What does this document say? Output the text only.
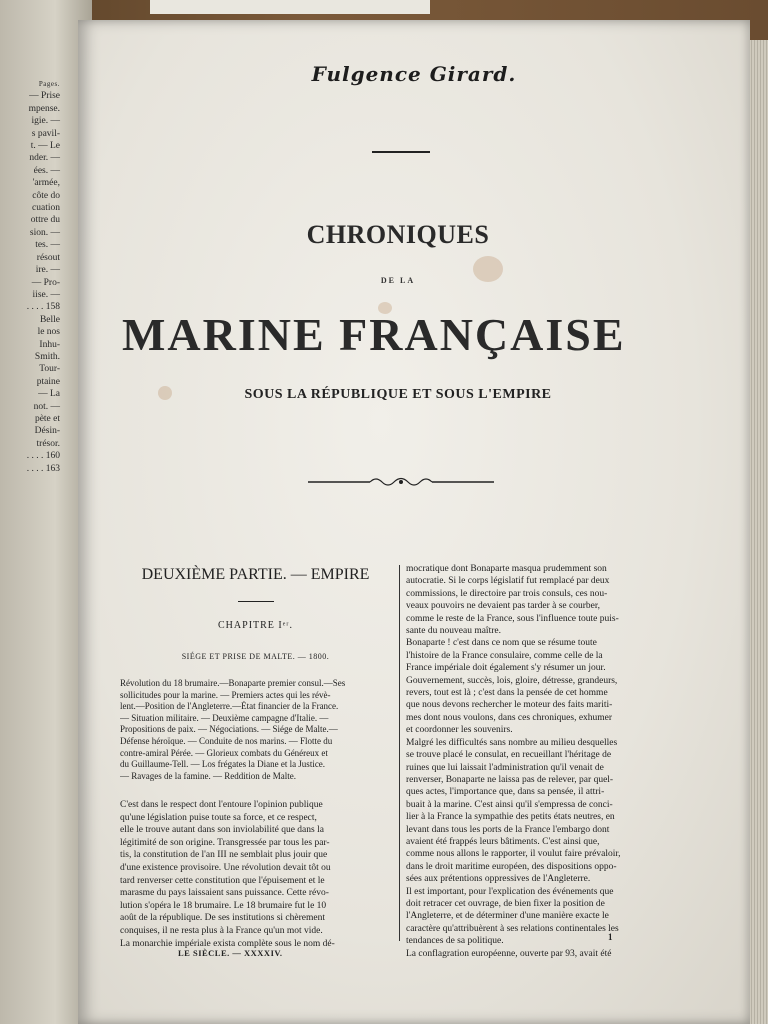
Pages.
— Prise
mpense.
igie. —
s pavil-
t. — Le
nder. —
ées. —
'armée,
côte do
cuation
ottre du
sion. —
tes. —
résout
ire. —
— Pro-
iise. —
. . . . 158
Belle
le nos
Inhu-
Smith.
Tour-
ptaine
— La
not. —
pète et
Désin-
trésor.
. . . . 160
. . . . 163
Fulgence Girard.
CHRONIQUES
DE LA
MARINE FRANÇAISE
SOUS LA RÉPUBLIQUE ET SOUS L'EMPIRE
DEUXIÈME PARTIE. — EMPIRE
CHAPITRE Iᵉʳ.
SIÉGE ET PRISE DE MALTE. — 1800.
Révolution du 18 brumaire.—Bonaparte premier consul.—Ses
sollicitudes pour la marine. — Premiers actes qui les révè-
lent.—Position de l'Angleterre.—État financier de la France.
— Situation militaire. — Deuxième campagne d'Italie. —
Propositions de paix. — Négociations. — Siége de Malte.—
Défense héroïque. — Conduite de nos marins. — Flotte du
contre-amiral Pérée. — Glorieux combats du Généreux et
du Guillaume-Tell. — Los frégates la Diane et la Justice.
— Ravages de la famine. — Reddition de Malte.
C'est dans le respect dont l'entoure l'opinion publique
qu'une législation puise toute sa force, et ce respect,
elle le trouve autant dans son inviolabilité que dans la
légitimité de son origine. Transgressée par tous les par-
tis, la constitution de l'an III ne semblait plus jouir que
d'une existence provisoire. Une révolution devait tôt ou
tard renverser cette constitution que l'épuisement et le
marasme du pays laissaient sans puissance. Cette révo-
lution s'opéra le 18 brumaire. Le 18 brumaire fut le 10
août de la république. De ses institutions si chèrement
conquises, il ne resta plus à la France qu'un mot vide.
La monarchie impériale exista complète sous le nom dé-
mocratique dont Bonaparte masqua prudemment son
autocratie. Si le corps législatif fut remplacé par deux
commissions, le directoire par trois consuls, ces nou-
veaux pouvoirs ne devaient pas tarder à se courber,
comme le reste de la France, sous l'influence toute puis-
sante du nouveau maître.
Bonaparte ! c'est dans ce nom que se résume toute
l'histoire de la France consulaire, comme celle de la
France impériale doit également s'y résumer un jour.
Gouvernement, succès, lois, gloire, détresse, grandeurs,
revers, tout est là ; c'est dans la pensée de cet homme
que nous devons rechercher le moteur des faits mariti-
mes dont nous voulons, dans ces chroniques, exhumer
et coordonner les souvenirs.
Malgré les difficultés sans nombre au milieu desquelles
se trouve placé le consulat, en recueillant l'héritage de
ruines que lui laissait l'administration qu'il venait de
renverser, Bonaparte ne laissa pas de relever, par quel-
ques actes, l'importance que, dans sa pensée, il attri-
buait à la marine. C'est ainsi qu'il s'empressa de conci-
lier à la France la sympathie des petits états neutres, en
levant dans tous les ports de la France l'embargo dont
avaient été frappés leurs bâtiments. C'est ainsi que,
comme nous allons le rapporter, il voulut faire prévaloir,
dans le droit maritime européen, des dispositions oppo-
sées aux prétentions oppressives de l'Angleterre.
Il est important, pour l'explication des événements que
doit retracer cet ouvrage, de bien fixer la position de
l'Angleterre, et de déterminer d'une manière exacte le
caractère qu'attribuèrent à ses relations continentales les
tendances de sa politique.
La conflagration européenne, ouverte par 93, avait été
LE SIÈCLE. — XXXXIV.
1
